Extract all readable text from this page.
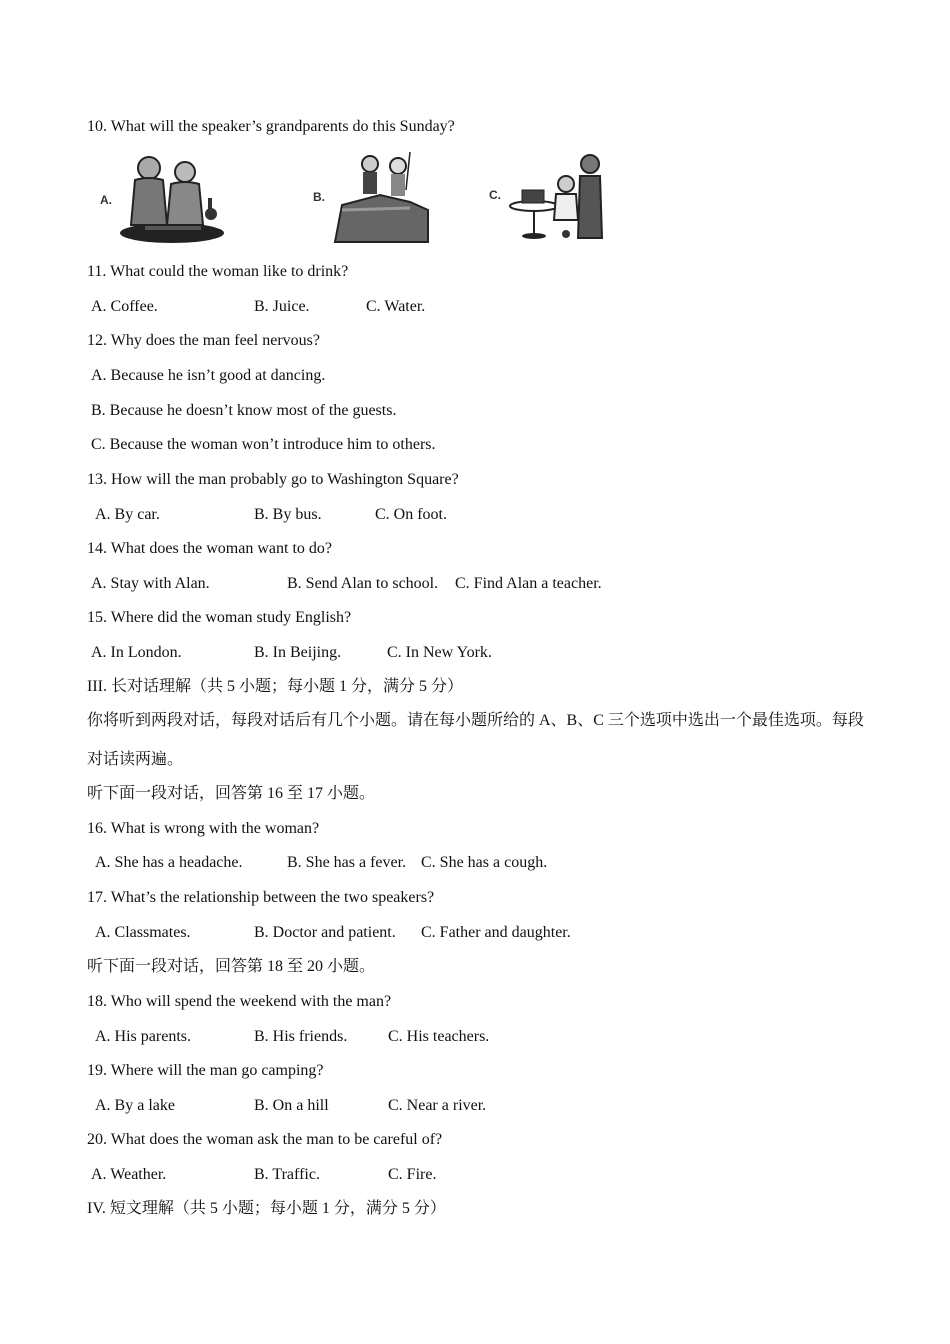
10. What will the speaker’s grandparents do this Sunday?
A.	B.	C.
11. What could the woman like to drink?
A. Coffee.	B. Juice.	C. Water.
12. Why does the man feel nervous?
A. Because he isn’t good at dancing.
B. Because he doesn’t know most of the guests.
C. Because the woman won’t introduce him to others.
13. How will the man probably go to Washington Square?
A. By car.	B. By bus.	C. On foot.
14. What does the woman want to do?
A. Stay with Alan.	B. Send Alan to school. C. Find Alan a teacher.
15. Where did the woman study English?
A. In London.	B. In Beijing.	C. In New York.
III. 长对话理解（共 5 小题；每小题 1 分，满分 5 分）
你将听到两段对话，每段对话后有几个小题。请在每小题所给的 A、B、C 三个选项中选出一个最佳选项。每段对话读两遍。
听下面一段对话，回答第 16 至 17 小题。
16. What is wrong with the woman?
A. She has a headache.	B. She has a fever. C. She has a cough.
17. What’s the relationship between the two speakers?
A. Classmates.	B. Doctor and patient. C. Father and daughter.
听下面一段对话，回答第 18 至 20 小题。
18. Who will spend the weekend with the man?
A. His parents.	B. His friends.	C. His teachers.
19. Where will the man go camping?
A. By a lake	B. On a hill	C. Near a river.
20. What does the woman ask the man to be careful of?
A. Weather.	B. Traffic.	C. Fire.
IV. 短文理解（共 5 小题；每小题 1 分，满分 5 分）
